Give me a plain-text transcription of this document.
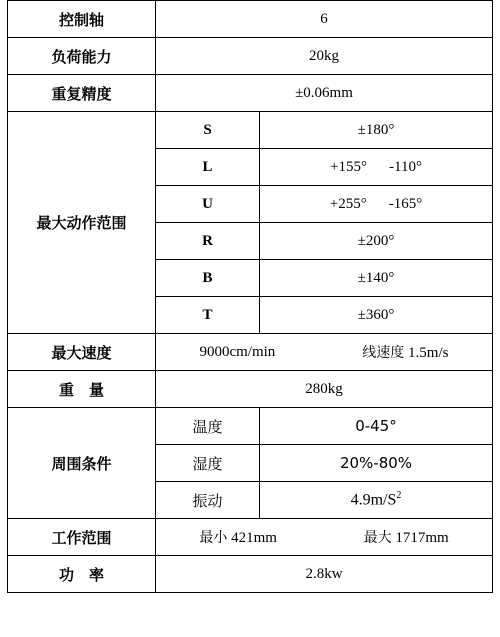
控制轴	6	
负荷能力	20kg	
重复精度	±0.06mm	
最大动作范围	S	±180°
	L	+155° -110°
	U	+255° -165°
	R	±200°
	B	±140°
	T	±360°
最大速度	9000cm/min 线速度 1.5m/s	

重　量	280kg	
周围条件	温度	0-45°
	湿度	20%-80%
	振动	$4.9m/S^2$
工作范围	最小 421mm 最大 1717mm	

功　率	2.8kw	
